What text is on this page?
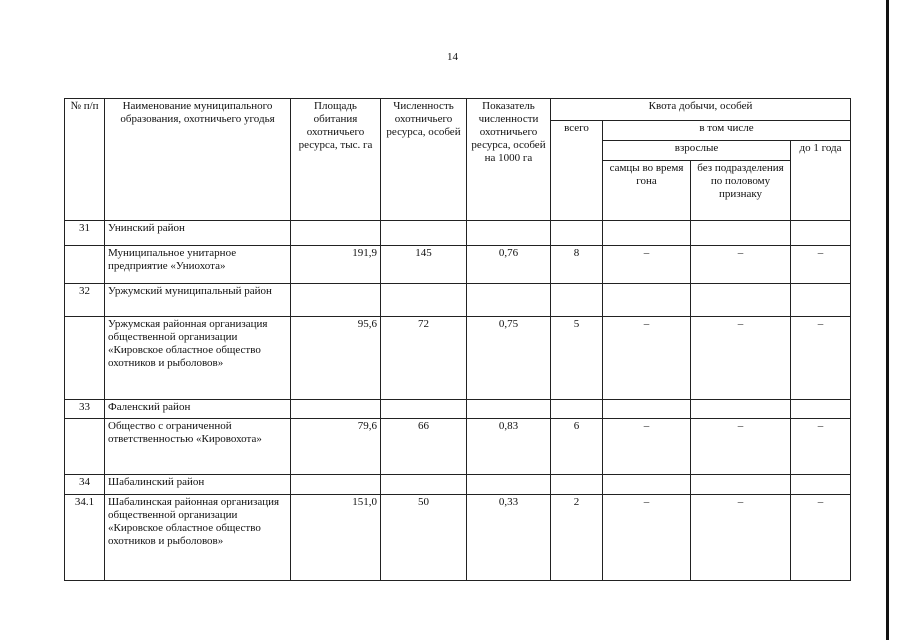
14
№ п/п	Наименование муниципального образования, охотничьего угодья	Площадь обитания охотничьего ресурса, тыс. га	Численность охотничьего ресурса, особей	Показатель численности охотничьего ресурса, особей на 1000 га	Квота добычи, особей			
					всего	в том числе		
						взрослые		до 1 года
						самцы во время гона	без подразделения по половому признаку	
31	Унинский район							
	Муниципальное унитарное предприятие «Униохота»	191,9	145	0,76	8	–	–	–
32	Уржумский муниципальный район							
	Уржумская районная организация общественной организации «Кировское областное общество охотников и рыболовов»	95,6	72	0,75	5	–	–	–
33	Фаленский район							
	Общество с ограниченной ответственностью «Кировохота»	79,6	66	0,83	6	–	–	–
34	Шабалинский район							
34.1	Шабалинская районная организация общественной организации «Кировское областное общество охотников и рыболовов»	151,0	50	0,33	2	–	–	–
